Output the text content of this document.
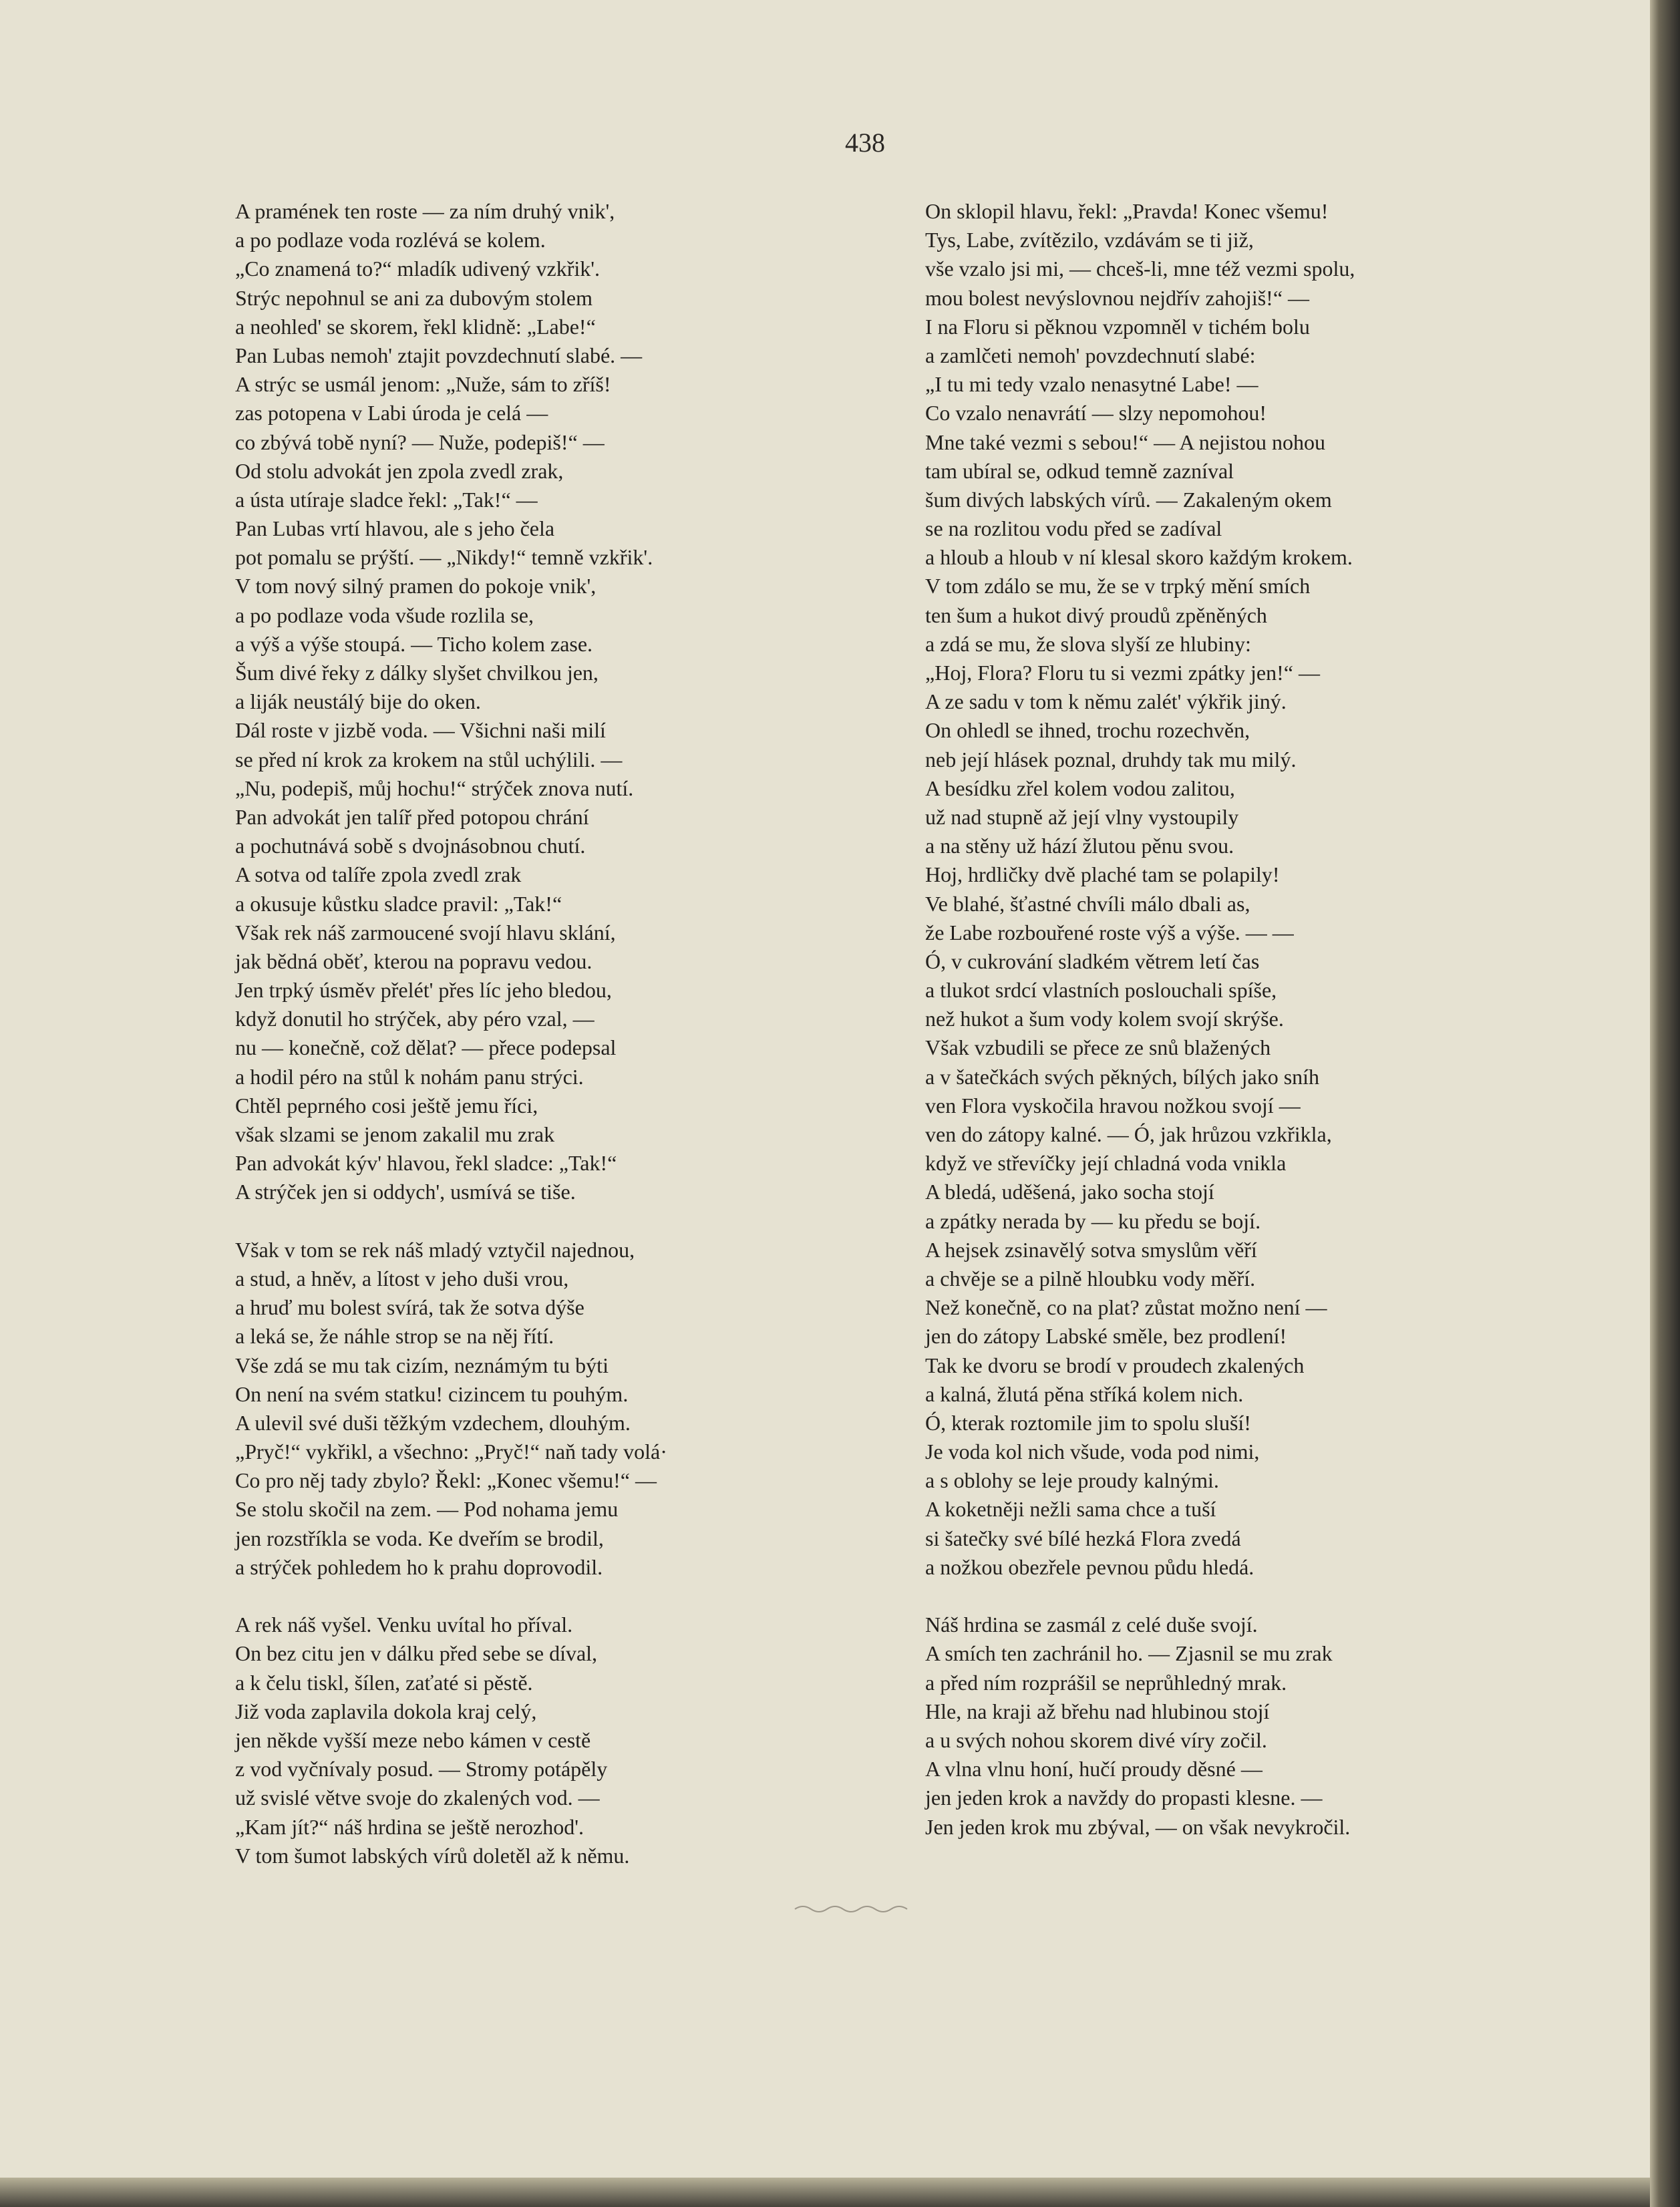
438
A pramének ten roste — za ním druhý vnik',
a po podlaze voda rozlévá se kolem.
„Co znamená to?“ mladík udivený vzkřik'.
Strýc nepohnul se ani za dubovým stolem
a neohled' se skorem, řekl klidně: „Labe!“
Pan Lubas nemoh' ztajit povzdechnutí slabé. —
A strýc se usmál jenom: „Nuže, sám to zříš!
zas potopena v Labi úroda je celá —
co zbývá tobě nyní? — Nuže, podepiš!“ —
Od stolu advokát jen zpola zvedl zrak,
a ústa utíraje sladce řekl: „Tak!“ —
Pan Lubas vrtí hlavou, ale s jeho čela
pot pomalu se prýští. — „Nikdy!“ temně vzkřik'.
V tom nový silný pramen do pokoje vnik',
a po podlaze voda všude rozlila se,
a výš a výše stoupá. — Ticho kolem zase.
Šum divé řeky z dálky slyšet chvilkou jen,
a liják neustálý bije do oken.
Dál roste v jizbě voda. — Všichni naši milí
se před ní krok za krokem na stůl uchýlili. —
„Nu, podepiš, můj hochu!“ strýček znova nutí.
Pan advokát jen talíř před potopou chrání
a pochutnává sobě s dvojnásobnou chutí.
A sotva od talíře zpola zvedl zrak
a okusuje kůstku sladce pravil: „Tak!“
Však rek náš zarmoucené svojí hlavu sklání,
jak bědná oběť, kterou na popravu vedou.
Jen trpký úsměv přelét' přes líc jeho bledou,
když donutil ho strýček, aby péro vzal, —
nu — konečně, což dělat? — přece podepsal
a hodil péro na stůl k nohám panu strýci.
Chtěl peprného cosi ještě jemu říci,
však slzami se jenom zakalil mu zrak
Pan advokát kýv' hlavou, řekl sladce: „Tak!“
A strýček jen si oddych', usmívá se tiše.
Však v tom se rek náš mladý vztyčil najednou,
a stud, a hněv, a lítost v jeho duši vrou,
a hruď mu bolest svírá, tak že sotva dýše
a leká se, že náhle strop se na něj řítí.
Vše zdá se mu tak cizím, neznámým tu býti
On není na svém statku! cizincem tu pouhým.
A ulevil své duši těžkým vzdechem, dlouhým.
„Pryč!“ vykřikl, a všechno: „Pryč!“ naň tady volá·
Co pro něj tady zbylo? Řekl: „Konec všemu!“ —
Se stolu skočil na zem. — Pod nohama jemu
jen rozstříkla se voda. Ke dveřím se brodil,
a strýček pohledem ho k prahu doprovodil.
A rek náš vyšel. Venku uvítal ho příval.
On bez citu jen v dálku před sebe se díval,
a k čelu tiskl, šílen, zaťaté si pěstě.
Již voda zaplavila dokola kraj celý,
jen někde vyšší meze nebo kámen v cestě
z vod vyčnívaly posud. — Stromy potápěly
už svislé větve svoje do zkalených vod. —
„Kam jít?“ náš hrdina se ještě nerozhod'.
V tom šumot labských vírů doletěl až k němu.
On sklopil hlavu, řekl: „Pravda! Konec všemu!
Tys, Labe, zvítězilo, vzdávám se ti již,
vše vzalo jsi mi, — chceš-li, mne též vezmi spolu,
mou bolest nevýslovnou nejdřív zahojiš!“ —
I na Floru si pěknou vzpomněl v tichém bolu
a zamlčeti nemoh' povzdechnutí slabé:
„I tu mi tedy vzalo nenasytné Labe! —
Co vzalo nenavrátí — slzy nepomohou!
Mne také vezmi s sebou!“ — A nejistou nohou
tam ubíral se, odkud temně zazníval
šum divých labských vírů. — Zakaleným okem
se na rozlitou vodu před se zadíval
a hloub a hloub v ní klesal skoro každým krokem.
V tom zdálo se mu, že se v trpký mění smích
ten šum a hukot divý proudů zpěněných
a zdá se mu, že slova slyší ze hlubiny:
„Hoj, Flora? Floru tu si vezmi zpátky jen!“ —
A ze sadu v tom k němu zalét' výkřik jiný.
On ohledl se ihned, trochu rozechvěn,
neb její hlásek poznal, druhdy tak mu milý.
A besídku zřel kolem vodou zalitou,
už nad stupně až její vlny vystoupily
a na stěny už hází žlutou pěnu svou.
Hoj, hrdličky dvě plaché tam se polapily!
Ve blahé, šťastné chvíli málo dbali as,
že Labe rozbouřené roste výš a výše. — —
Ó, v cukrování sladkém větrem letí čas
a tlukot srdcí vlastních poslouchali spíše,
než hukot a šum vody kolem svojí skrýše.
Však vzbudili se přece ze snů blažených
a v šatečkách svých pěkných, bílých jako sníh
ven Flora vyskočila hravou nožkou svojí —
ven do zátopy kalné. — Ó, jak hrůzou vzkřikla,
když ve střevíčky její chladná voda vnikla
A bledá, uděšená, jako socha stojí
a zpátky nerada by — ku předu se bojí.
A hejsek zsinavělý sotva smyslům věří
a chvěje se a pilně hloubku vody měří.
Než konečně, co na plat? zůstat možno není —
jen do zátopy Labské směle, bez prodlení!
Tak ke dvoru se brodí v proudech zkalených
a kalná, žlutá pěna stříká kolem nich.
Ó, kterak roztomile jim to spolu sluší!
Je voda kol nich všude, voda pod nimi,
a s oblohy se leje proudy kalnými.
A koketněji nežli sama chce a tuší
si šatečky své bílé hezká Flora zvedá
a nožkou obezřele pevnou půdu hledá.
Náš hrdina se zasmál z celé duše svojí.
A smích ten zachránil ho. — Zjasnil se mu zrak
a před ním rozprášil se neprůhledný mrak.
Hle, na kraji až břehu nad hlubinou stojí
a u svých nohou skorem divé víry zočil.
A vlna vlnu honí, hučí proudy děsné —
jen jeden krok a navždy do propasti klesne. —
Jen jeden krok mu zbýval, — on však nevykročil.
